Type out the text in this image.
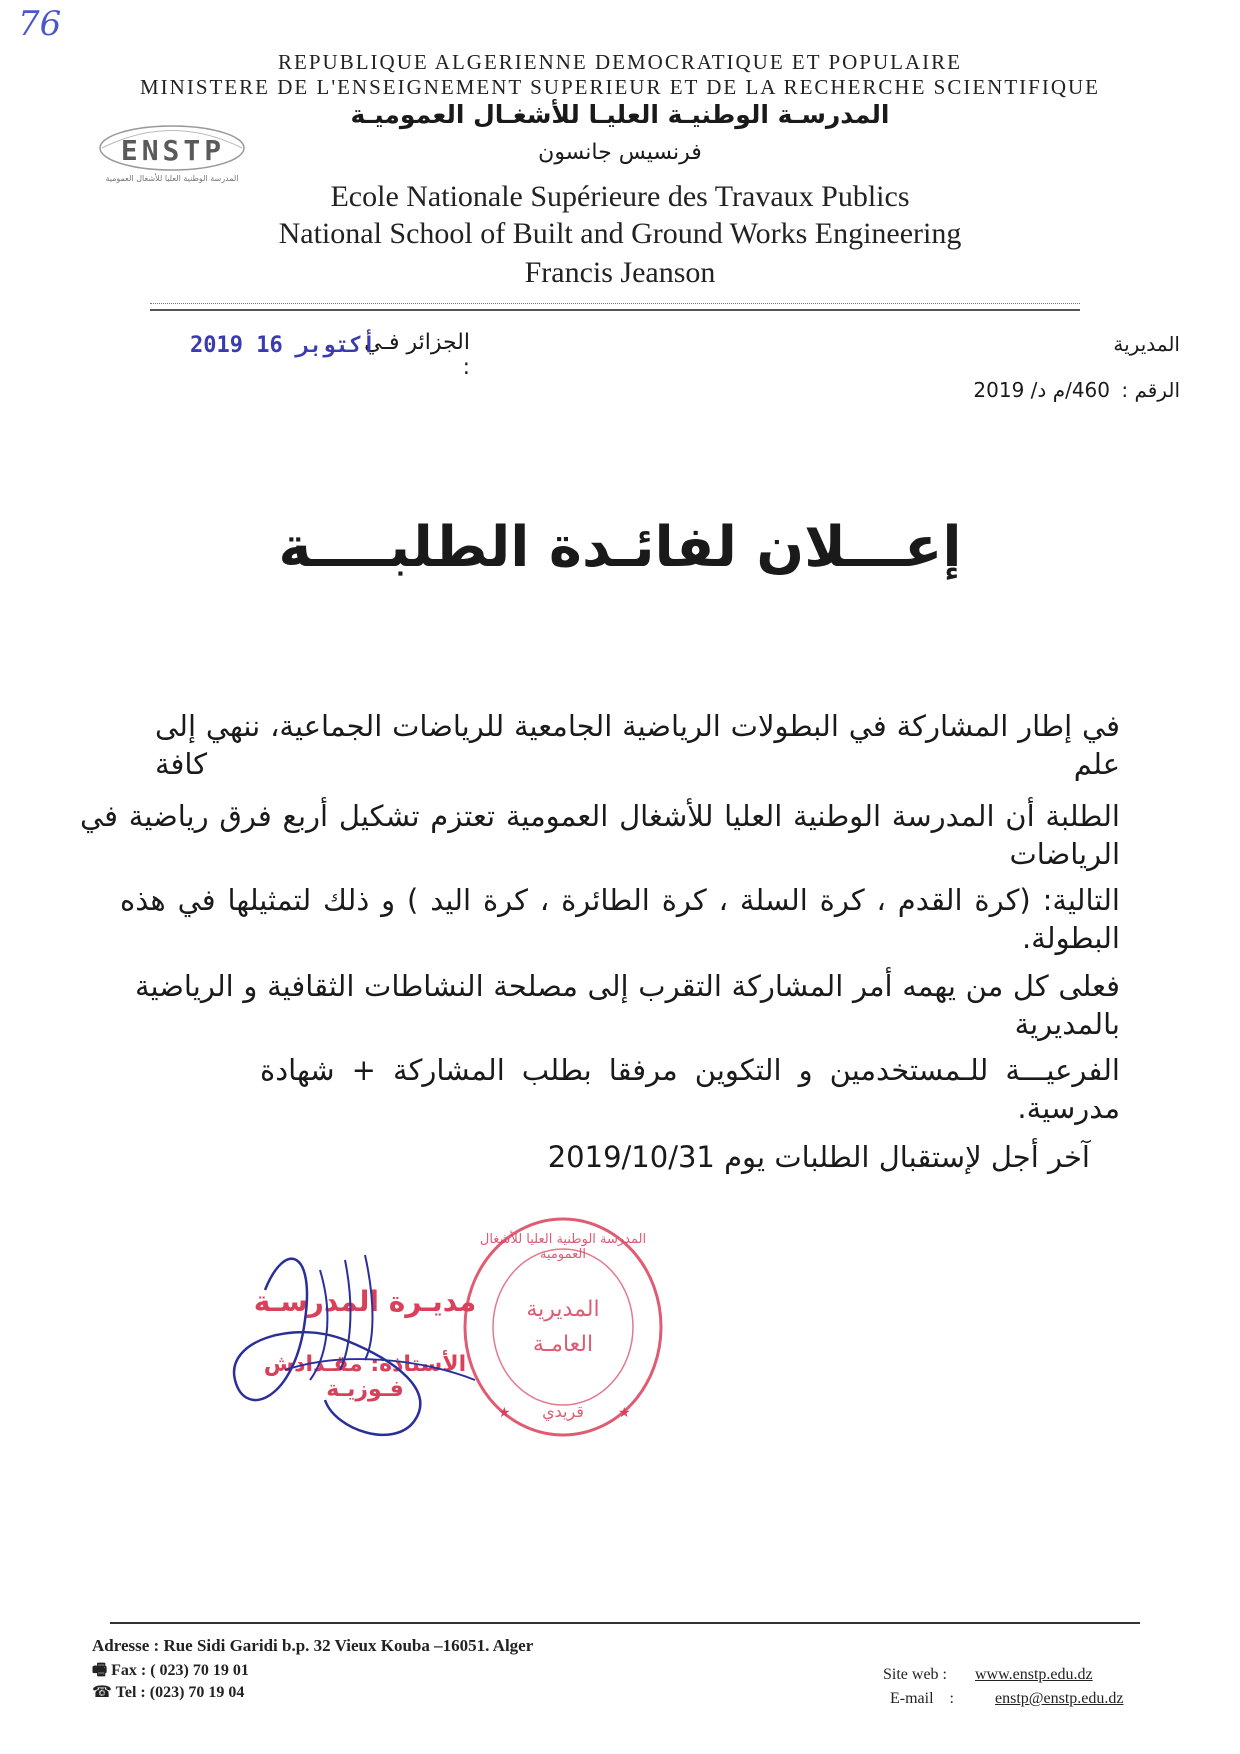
76
REPUBLIQUE ALGERIENNE DEMOCRATIQUE ET POPULAIRE
MINISTERE DE L'ENSEIGNEMENT SUPERIEUR ET DE LA RECHERCHE SCIENTIFIQUE
المدرسـة الوطنيـة العليـا للأشغـال العموميـة
فرنسيس جانسون
Ecole Nationale Supérieure des Travaux Publics
National School of Built and Ground Works Engineering
Francis Jeanson
ENSTP
المدرسة الوطنية العليا للأشغال العمومية
الجزائر فـي :
2019 أكتوبر 16	المديرية
الرقم :
460/م د/ 2019
إعـــلان لفائـدة الطلبــــة
في إطار المشاركة في البطولات الرياضية الجامعية للرياضات الجماعية، ننهي إلى علم كافة
الطلبة أن المدرسة الوطنية العليا للأشغال العمومية تعتزم تشكيل أربع فرق رياضية في الرياضات
التالية: (كرة القدم ، كرة السلة ، كرة الطائرة ، كرة اليد ) و ذلك لتمثيلها في هذه البطولة.
فعلى كل من يهمه أمر المشاركة التقرب إلى مصلحة النشاطات الثقافية و الرياضية بالمديرية
الفرعيـــة للـمستخدمين و التكوين مرفقا بطلب المشاركة + شهادة مدرسية.
آخر أجل لإستقبال الطلبات يوم 2019/10/31
★	★
المدرسة الوطنية العليا للأشغال العمومية
المديرية
العامـة
قريدي
مديـرة المدرسـة
الأستاذة: مقـدادش فـوزيـة
Adresse : Rue Sidi Garidi b.p. 32 Vieux Kouba –16051. Alger
🖷 Fax : ( 023) 70 19 01
☎ Tel : (023) 70 19 04
Site web : www.enstp.edu.dz
E-mail    :	enstp@enstp.edu.dz
